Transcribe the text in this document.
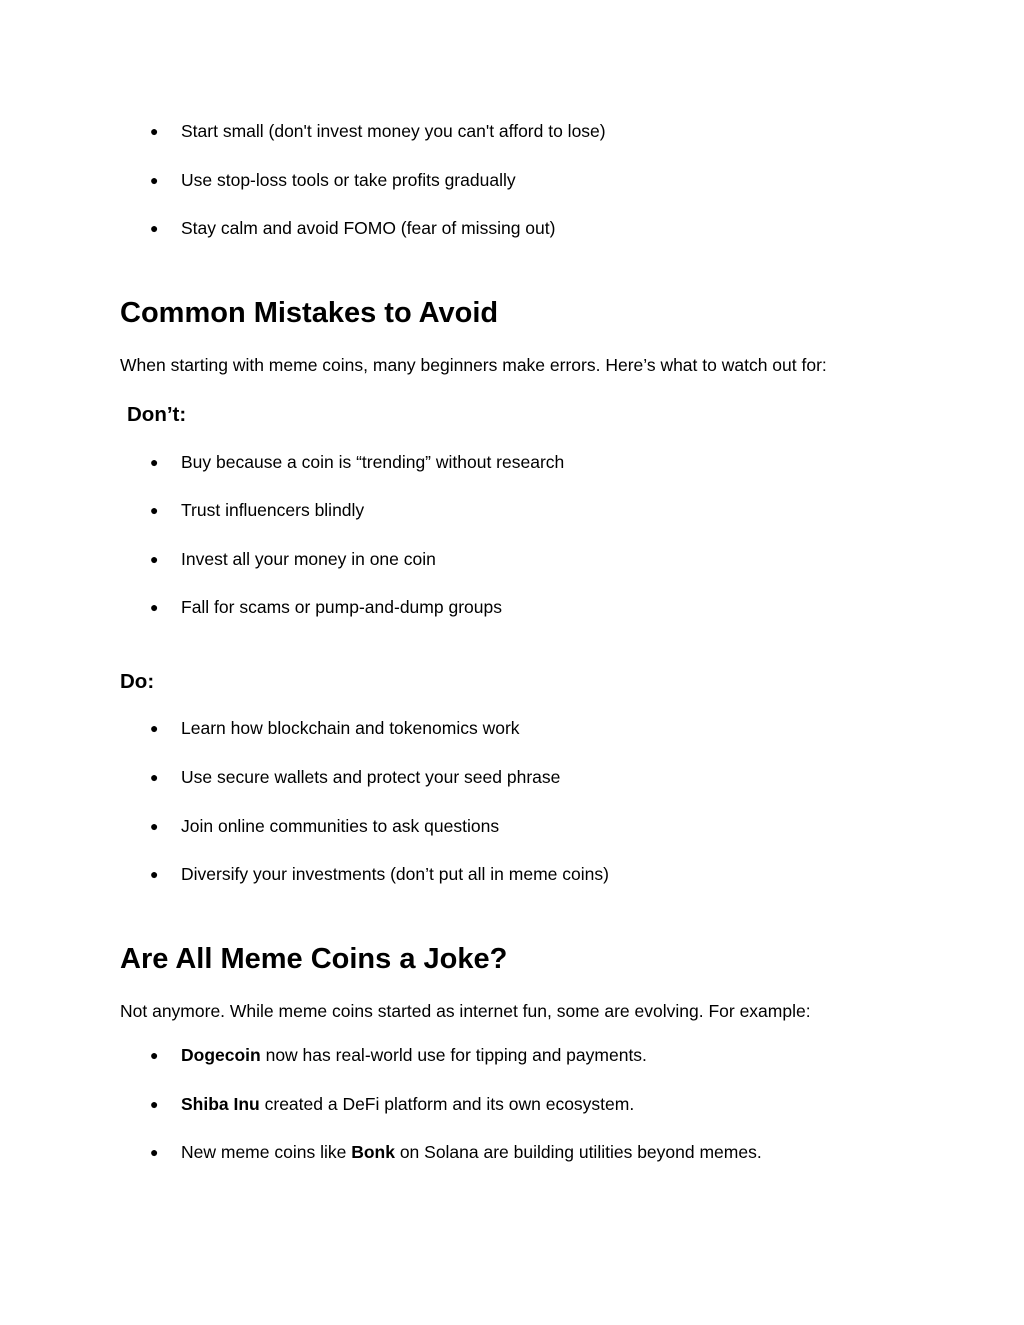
● Start small (don't invest money you can't afford to lose)
● Use stop-loss tools or take profits gradually
● Stay calm and avoid FOMO (fear of missing out)
Common Mistakes to Avoid

When starting with meme coins, many beginners make errors. Here’s what to watch out for:

Don’t:
● Buy because a coin is “trending” without research
● Trust influencers blindly
● Invest all your money in one coin
● Fall for scams or pump-and-dump groups
Do:
● Learn how blockchain and tokenomics work
● Use secure wallets and protect your seed phrase
● Join online communities to ask questions
● Diversify your investments (don’t put all in meme coins)
Are All Meme Coins a Joke?

Not anymore. While meme coins started as internet fun, some are evolving. For example:

● Dogecoin now has real-world use for tipping and payments.
● Shiba Inu created a DeFi platform and its own ecosystem.
● New meme coins like Bonk on Solana are building utilities beyond memes.
